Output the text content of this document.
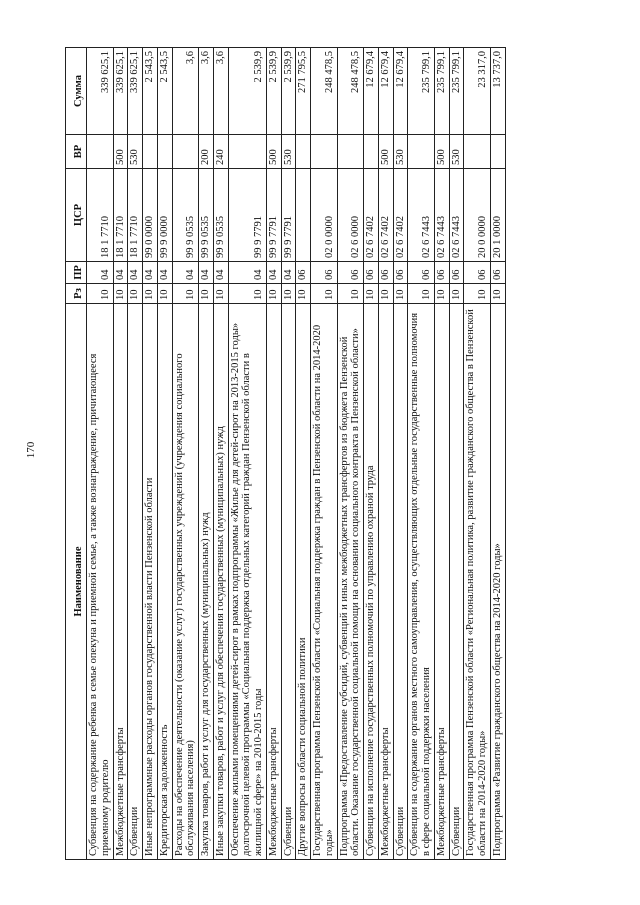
170
Наименование	Рз	ПР	ЦСР	ВР	Сумма
Субвенция на содержание ребенка в семье опекуна и приемной семье, а также вознаграждение, причитающееся приемному родителю	10	04	18 1 7710		339 625,1
Межбюджетные трансферты	10	04	18 1 7710	500	339 625,1
Субвенции	10	04	18 1 7710	530	339 625,1
Иные непрограммные расходы органов государственной власти Пензенской области	10	04	99 0 0000		2 543,5
Кредиторская задолженность	10	04	99 9 0000		2 543,5
Расходы на обеспечение деятельности (оказание услуг) государственных учреждений (учреждения социального обслуживания населения)	10	04	99 9 0535		3,6
Закупка товаров, работ и услуг для государственных (муниципальных) нужд	10	04	99 9 0535	200	3,6
Иные закупки товаров, работ и услуг для обеспечения государственных (муниципальных) нужд	10	04	99 9 0535	240	3,6
Обеспечение жилыми помещениями детей-сирот в рамках подпрограммы «Жилье для детей-сирот на 2013-2015 годы» долгосрочной целевой программы «Социальная поддержка отдельных категорий граждан Пензенской области в жилищной сфере» на 2010-2015 годы	10	04	99 9 7791		2 539,9
Межбюджетные трансферты	10	04	99 9 7791	500	2 539,9
Субвенции	10	04	99 9 7791	530	2 539,9
Другие вопросы в области социальной политики	10	06			271 795,5
Государственная программа Пензенской области «Социальная поддержка граждан в Пензенской области на 2014-2020 годы»	10	06	02 0 0000		248 478,5
Подпрограмма «Предоставление субсидий, субвенций и иных межбюджетных трансфертов из бюджета Пензенской области. Оказание государственной социальной помощи на основании социального контракта в Пензенской области»	10	06	02 6 0000		248 478,5
Субвенции на исполнение государственных полномочий по управлению охраной труда	10	06	02 6 7402		12 679,4
Межбюджетные трансферты	10	06	02 6 7402	500	12 679,4
Субвенции	10	06	02 6 7402	530	12 679,4
Субвенции на содержание органов местного самоуправления, осуществляющих отдельные государственные полномочия в сфере социальной поддержки населения	10	06	02 6 7443		235 799,1
Межбюджетные трансферты	10	06	02 6 7443	500	235 799,1
Субвенции	10	06	02 6 7443	530	235 799,1
Государственная программа Пензенской области «Региональная политика, развитие гражданского общества в Пензенской области на 2014-2020 годы»	10	06	20 0 0000		23 317,0
Подпрограмма «Развитие гражданского общества на 2014-2020 годы»	10	06	20 1 0000		13 737,0
